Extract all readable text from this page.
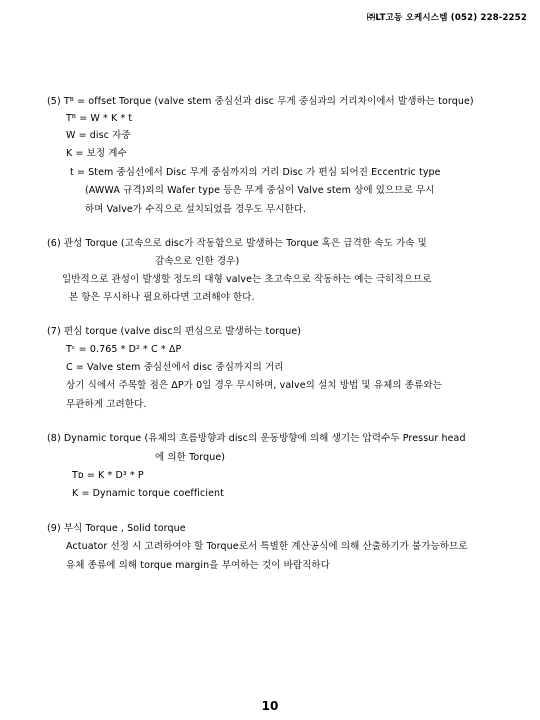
㈜LT고동 오케시스템 (052) 228-2252
(5) Tᴮ = offset Torque (valve stem 중심선과 disc 무게 중심과의 거리차이에서 발생하는 torque)
Tᴮ = W * K * t
W = disc 자중
K = 보정 계수
t = Stem 중심선에서 Disc 무게 중심까지의 거리 Disc 가 편심 되어진 Eccentric type
(AWWA 규격)외의 Wafer type 등은 무게 중심이 Valve stem 상에 있으므로 무시
하며 Valve가 수직으로 설치되었을 경우도 무시한다.
(6) 관성 Torque (고속으로 disc가 작동함으로 발생하는 Torque 혹은 급격한 속도 가속 및
감속으로 인한 경우)
일반적으로 관성이 발생할 정도의 대형 valve는 초고속으로 작동하는 예는 극히적으므로
본 항은 무시하나 필요하다면 고려해야 한다.
(7) 편심 torque (valve disc의 편심으로 발생하는 torque)
Tᶜ = 0.765 * D² * C * ΔP
C = Valve stem 중심선에서 disc 중심까지의 거리
상기 식에서 주목할 점은 ΔP가 0일 경우 무시하며, valve의 설치 방법 및 유체의 종류와는
무관하게 고려한다.
(8) Dynamic torque (유체의 흐름방향과 disc의 운동방향에 의해 생기는 압력수두 Pressur head
에 의한 Torque)
Tᴅ = K * D³ * P
K = Dynamic torque coefficient
(9) 부식 Torque , Solid torque
Actuator 선정 시 고려하여야 할 Torque로서 특별한 계산공식에 의해 산출하기가 불가능하므로
유체 종류에 의해 torque margin을 부여하는 것이 바람직하다
10
